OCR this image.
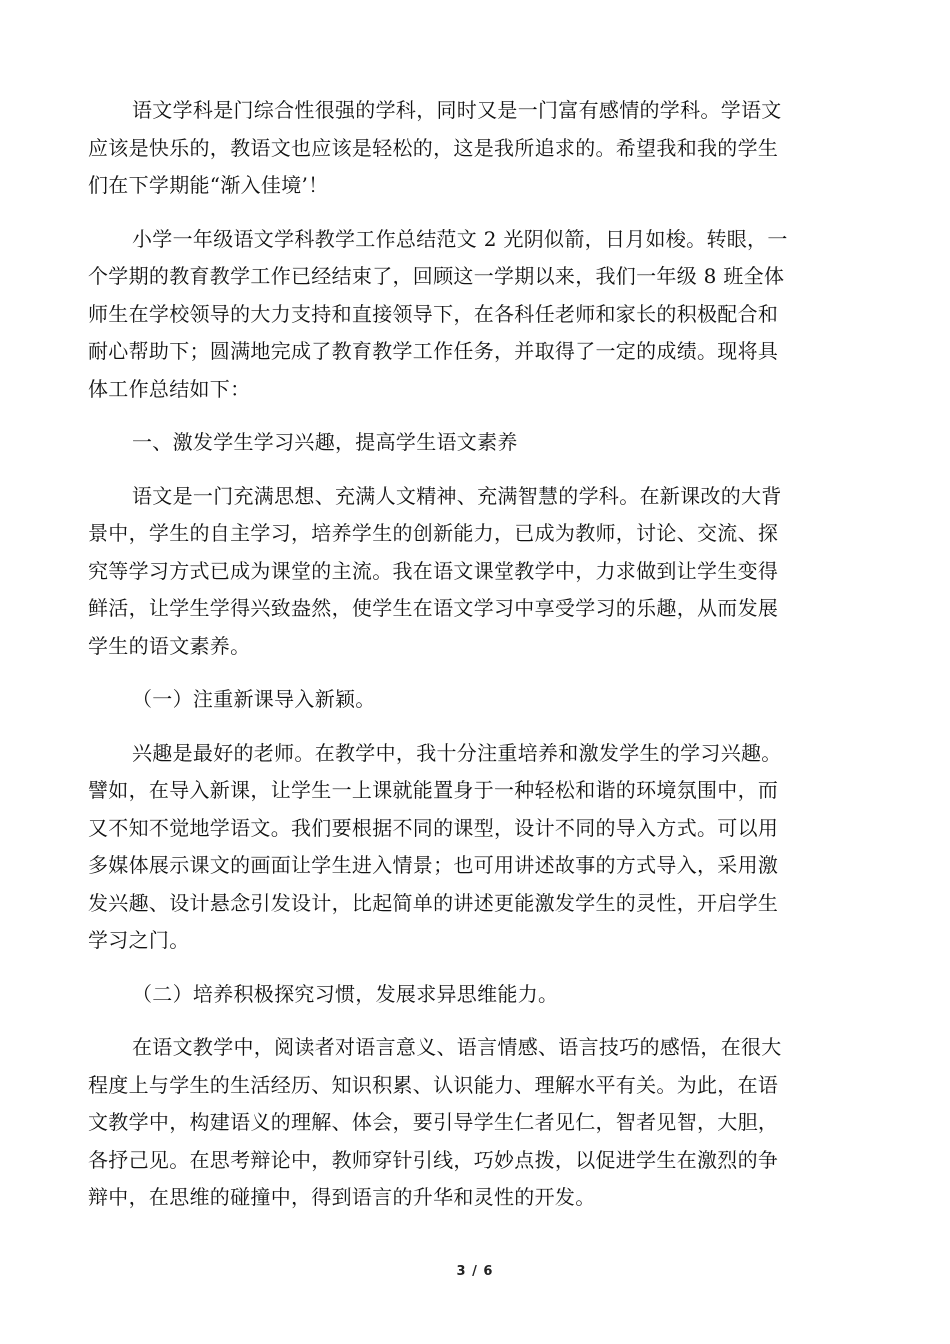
语文学科是门综合性很强的学科，同时又是一门富有感情的学科。学语文
应该是快乐的，教语文也应该是轻松的，这是我所追求的。希望我和我的学生
们在下学期能“渐入佳境’！

小学一年级语文学科教学工作总结范文 2 光阴似箭，日月如梭。转眼，一
个学期的教育教学工作已经结束了，回顾这一学期以来，我们一年级 8 班全体
师生在学校领导的大力支持和直接领导下，在各科任老师和家长的积极配合和
耐心帮助下；圆满地完成了教育教学工作任务，并取得了一定的成绩。现将具
体工作总结如下：

一、激发学生学习兴趣，提高学生语文素养

语文是一门充满思想、充满人文精神、充满智慧的学科。在新课改的大背
景中，学生的自主学习，培养学生的创新能力，已成为教师，讨论、交流、探
究等学习方式已成为课堂的主流。我在语文课堂教学中，力求做到让学生变得
鲜活，让学生学得兴致盎然，使学生在语文学习中享受学习的乐趣，从而发展
学生的语文素养。

（一）注重新课导入新颖。

兴趣是最好的老师。在教学中，我十分注重培养和激发学生的学习兴趣。
譬如，在导入新课，让学生一上课就能置身于一种轻松和谐的环境氛围中，而
又不知不觉地学语文。我们要根据不同的课型，设计不同的导入方式。可以用
多媒体展示课文的画面让学生进入情景；也可用讲述故事的方式导入，采用激
发兴趣、设计悬念引发设计，比起简单的讲述更能激发学生的灵性，开启学生
学习之门。

（二）培养积极探究习惯，发展求异思维能力。

在语文教学中，阅读者对语言意义、语言情感、语言技巧的感悟，在很大
程度上与学生的生活经历、知识积累、认识能力、理解水平有关。为此，在语
文教学中，构建语义的理解、体会，要引导学生仁者见仁，智者见智，大胆，
各抒己见。在思考辩论中，教师穿针引线，巧妙点拨，以促进学生在激烈的争
辩中，在思维的碰撞中，得到语言的升华和灵性的开发。

3 / 6
